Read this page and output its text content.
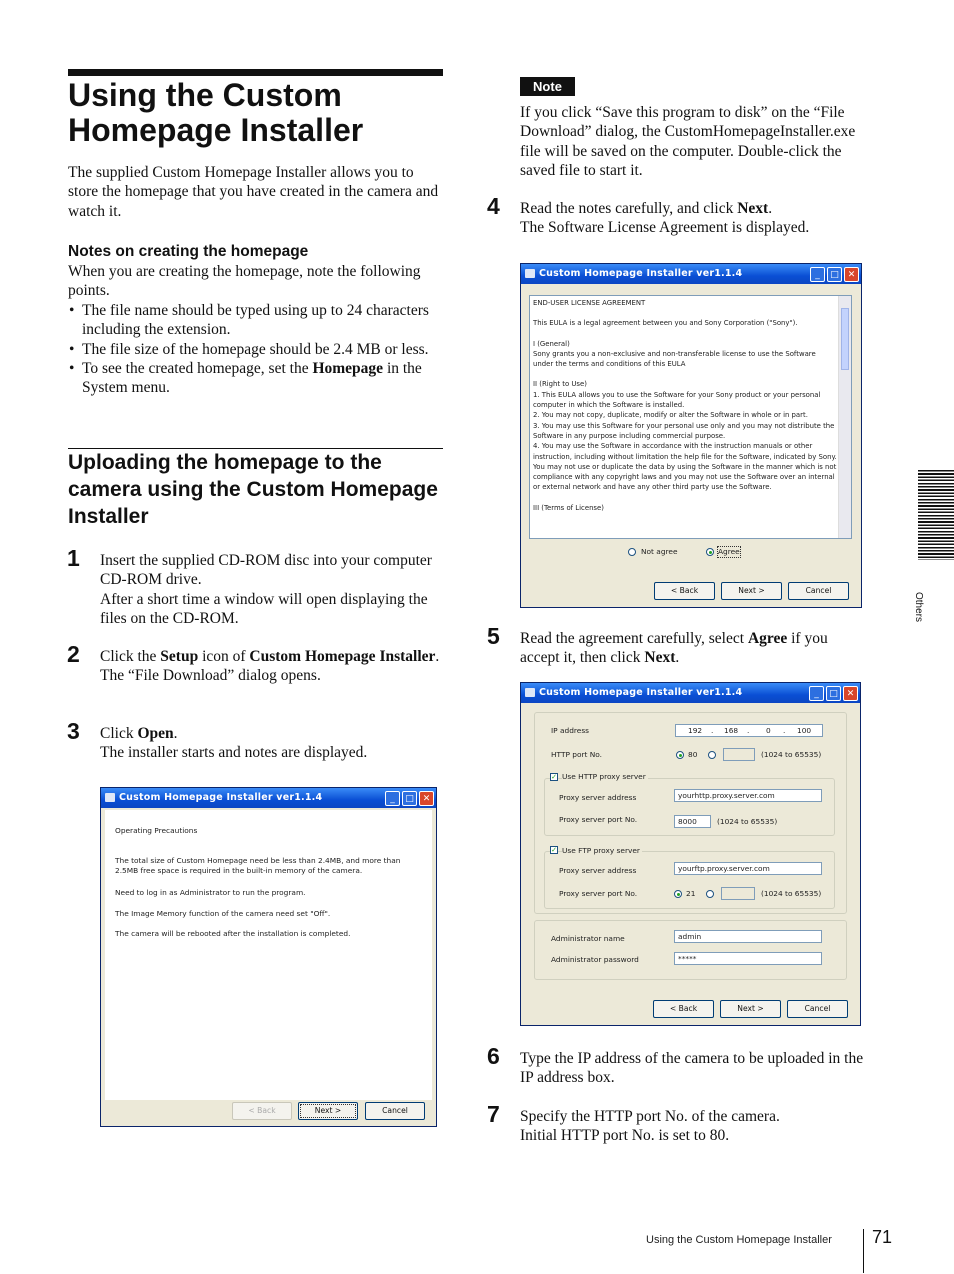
Using the Custom Homepage Installer
The supplied Custom Homepage Installer allows you to store the homepage that you have created in the camera and watch it.
Notes on creating the homepage
When you are creating the homepage, note the following points.
• The file name should be typed using up to 24 characters including the extension.
• The file size of the homepage should be 2.4 MB or less.
• To see the created homepage, set the Homepage in the System menu.
Uploading the homepage to the camera using the Custom Homepage Installer
1 Insert the supplied CD-ROM disc into your computer CD-ROM drive.
After a short time a window will open displaying the files on the CD-ROM.
2 Click the Setup icon of Custom Homepage Installer.
The “File Download” dialog opens.
3 Click Open.
The installer starts and notes are displayed.
Custom Homepage Installer ver1.1.4	_	□ ✕
Operating Precautions
The total size of Custom Homepage need be less than 2.4MB, and more than 2.5MB free space is required in the built-in memory of the camera.
Need to log in as Administrator to run the program.
The Image Memory function of the camera need set "Off".
The camera will be rebooted after the installation is completed.
< Back	Next >	Cancel
Note
If you click “Save this program to disk” on the “File Download” dialog, the CustomHomepageInstaller.exe file will be saved on the computer. Double-click the saved file to start it.
4 Read the notes carefully, and click Next.
The Software License Agreement is displayed.
Custom Homepage Installer ver1.1.4	_	□ ✕
END-USER LICENSE AGREEMENT
This EULA is a legal agreement between you and Sony Corporation ("Sony").
I (General)
Sony grants you a non-exclusive and non-transferable license to use the Software under the terms and conditions of this EULA
II (Right to Use)
1. This EULA allows you to use the Software for your Sony product or your personal computer in which the Software is installed.
2. You may not copy, duplicate, modify or alter the Software in whole or in part.
3. You may use this Software for your personal use only and you may not distribute the Software in any purpose including commercial purpose.
4. You may use the Software in accordance with the instruction manuals or other instruction, including without limitation the help file for the Software, indicated by Sony. You may not use or duplicate the data by using the Software in the manner which is not compliance with any copyright laws and you may not use the Software over an internal or external network and have any other third party use the Software.
III (Terms of License)
Not agree	Agree
< Back	Next >	Cancel
5 Read the agreement carefully, select Agree if you accept it, then click Next.
Custom Homepage Installer ver1.1.4	_	□ ✕
IP address	192 . 168 . 0 . 100
HTTP port No.	80	(1024 to 65535)
✓ Use HTTP proxy server
Proxy server address	yourhttp.proxy.server.com
Proxy server port No.	8000	(1024 to 65535)
✓ Use FTP proxy server
Proxy server address	yourftp.proxy.server.com
Proxy server port No.	21	(1024 to 65535)
Administrator name	admin
Administrator password	*****
< Back	Next >	Cancel
6 Type the IP address of the camera to be uploaded in the IP address box.
7 Specify the HTTP port No. of the camera.
Initial HTTP port No. is set to 80.
Others
Using the Custom Homepage Installer 71
